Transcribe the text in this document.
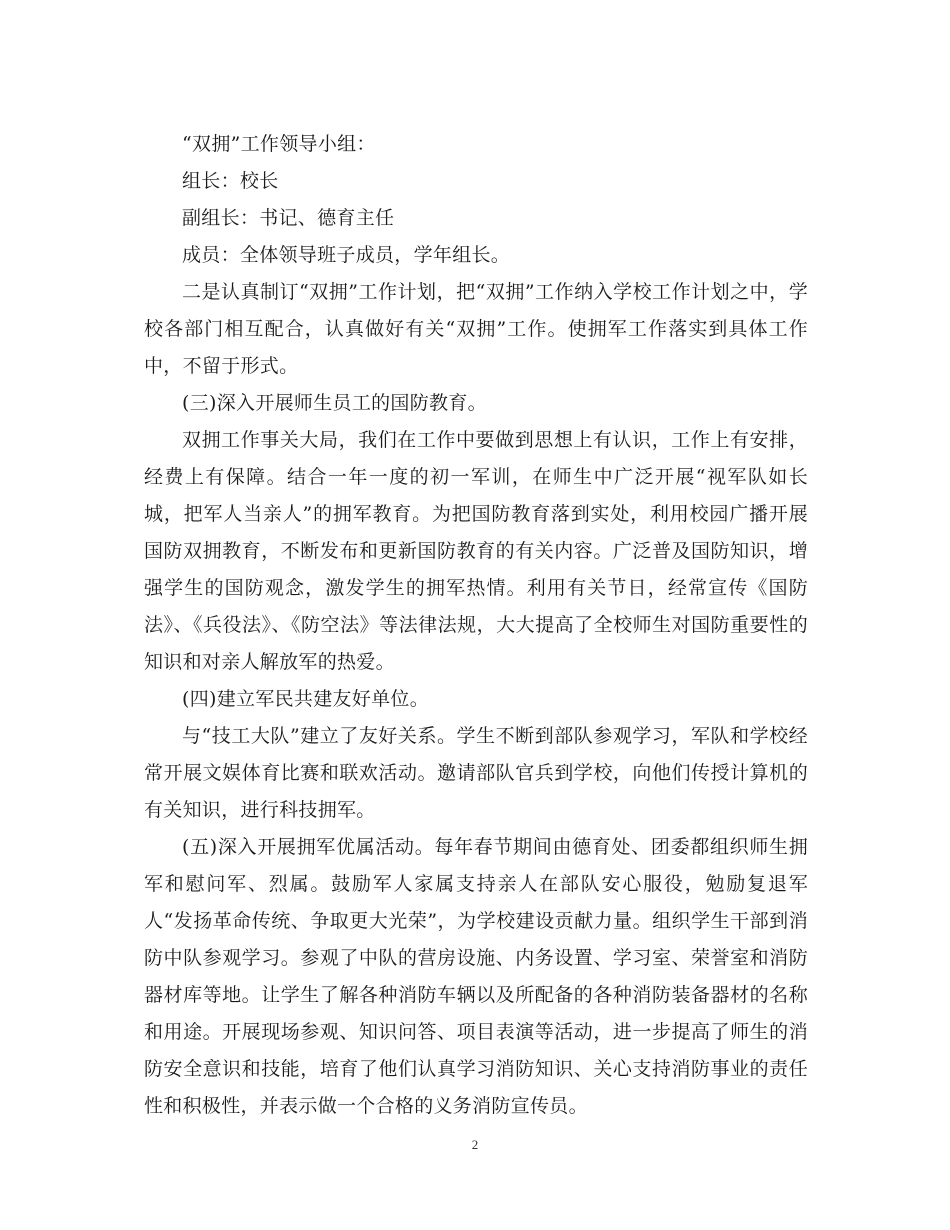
“双拥”工作领导小组：

组长：校长

副组长：书记、德育主任

成员：全体领导班子成员，学年组长。

二是认真制订“双拥”工作计划，把“双拥”工作纳入学校工作计划之中，学校各部门相互配合，认真做好有关“双拥”工作。使拥军工作落实到具体工作中，不留于形式。

(三)深入开展师生员工的国防教育。

双拥工作事关大局，我们在工作中要做到思想上有认识，工作上有安排，经费上有保障。结合一年一度的初一军训，在师生中广泛开展“视军队如长城，把军人当亲人”的拥军教育。为把国防教育落到实处，利用校园广播开展国防双拥教育，不断发布和更新国防教育的有关内容。广泛普及国防知识，增强学生的国防观念，激发学生的拥军热情。利用有关节日，经常宣传《国防法》、《兵役法》、《防空法》等法律法规，大大提高了全校师生对国防重要性的知识和对亲人解放军的热爱。

(四)建立军民共建友好单位。

与“技工大队”建立了友好关系。学生不断到部队参观学习，军队和学校经常开展文娱体育比赛和联欢活动。邀请部队官兵到学校，向他们传授计算机的有关知识，进行科技拥军。

(五)深入开展拥军优属活动。每年春节期间由德育处、团委都组织师生拥军和慰问军、烈属。鼓励军人家属支持亲人在部队安心服役，勉励复退军人“发扬革命传统、争取更大光荣”，为学校建设贡献力量。组织学生干部到消防中队参观学习。参观了中队的营房设施、内务设置、学习室、荣誉室和消防器材库等地。让学生了解各种消防车辆以及所配备的各种消防装备器材的名称和用途。开展现场参观、知识问答、项目表演等活动，进一步提高了师生的消防安全意识和技能，培育了他们认真学习消防知识、关心支持消防事业的责任性和积极性，并表示做一个合格的义务消防宣传员。

2
